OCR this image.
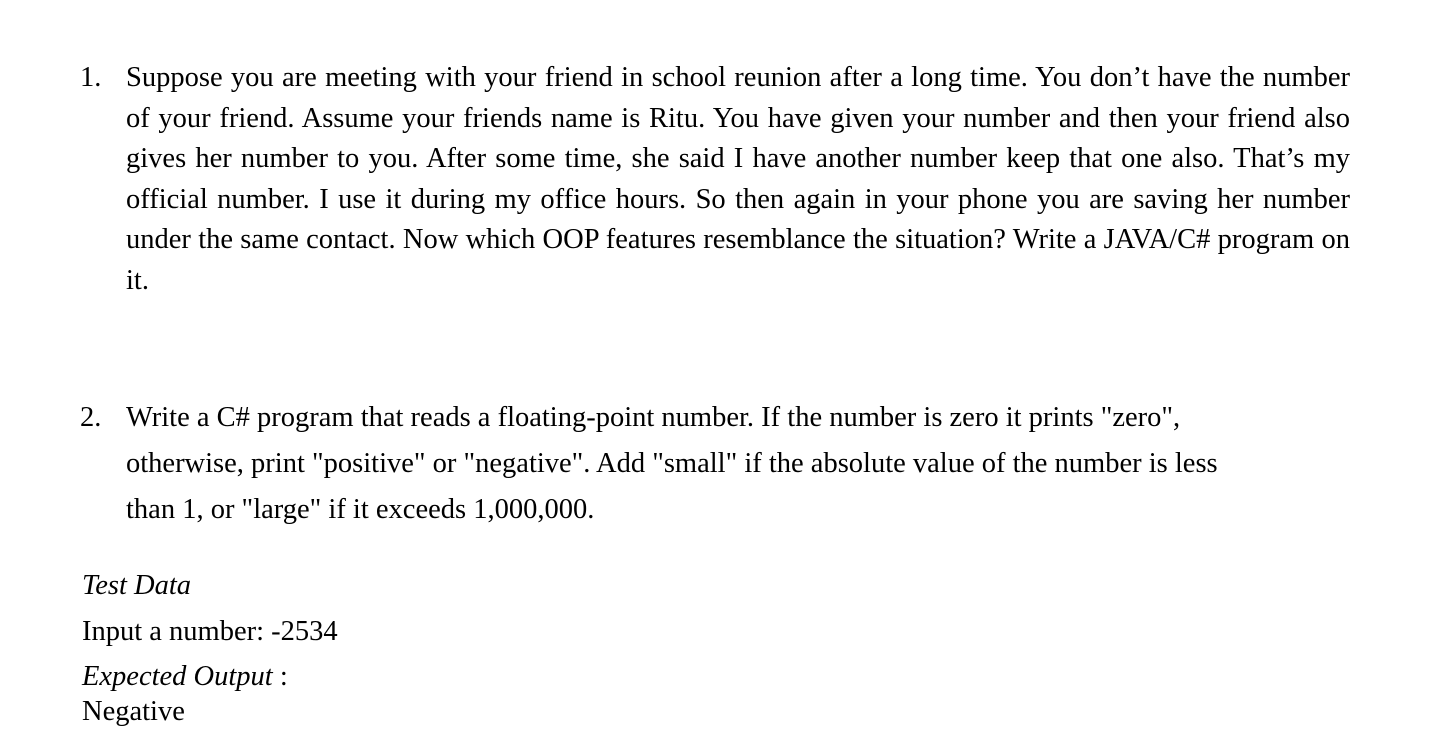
1. Suppose you are meeting with your friend in school reunion after a long time. You don’t have the number of your friend. Assume your friends name is Ritu. You have given your number and then your friend also gives her number to you. After some time, she said I have another number keep that one also. That’s my official number. I use it during my office hours. So then again in your phone you are saving her number under the same contact. Now which OOP features resemblance the situation? Write a JAVA/C# program on it.
2. Write a C# program that reads a floating-point number. If the number is zero it prints "zero",
otherwise, print "positive" or "negative". Add "small" if the absolute value of the number is less
than 1, or "large" if it exceeds 1,000,000.
Test Data
Input a number: -2534
Expected Output :
Negative
